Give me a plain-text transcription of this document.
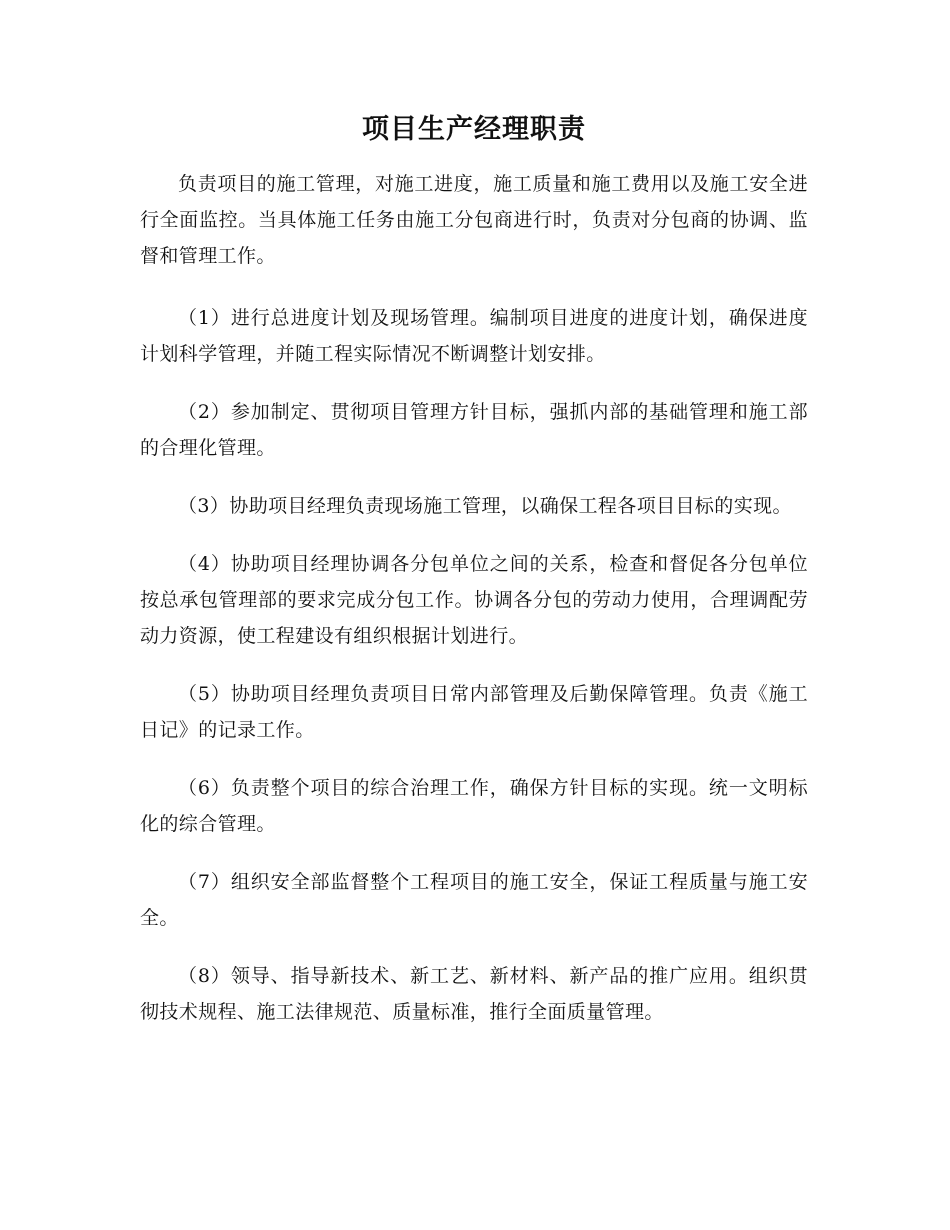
项目生产经理职责

负责项目的施工管理，对施工进度，施工质量和施工费用以及施工安全进行全面监控。当具体施工任务由施工分包商进行时，负责对分包商的协调、监督和管理工作。

（1）进行总进度计划及现场管理。编制项目进度的进度计划，确保进度计划科学管理，并随工程实际情况不断调整计划安排。

（2）参加制定、贯彻项目管理方针目标，强抓内部的基础管理和施工部的合理化管理。

（3）协助项目经理负责现场施工管理，以确保工程各项目目标的实现。

（4）协助项目经理协调各分包单位之间的关系，检查和督促各分包单位按总承包管理部的要求完成分包工作。协调各分包的劳动力使用，合理调配劳动力资源，使工程建设有组织根据计划进行。

（5）协助项目经理负责项目日常内部管理及后勤保障管理。负责《施工日记》的记录工作。

（6）负责整个项目的综合治理工作，确保方针目标的实现。统一文明标化的综合管理。

（7）组织安全部监督整个工程项目的施工安全，保证工程质量与施工安全。

（8）领导、指导新技术、新工艺、新材料、新产品的推广应用。组织贯彻技术规程、施工法律规范、质量标准，推行全面质量管理。
